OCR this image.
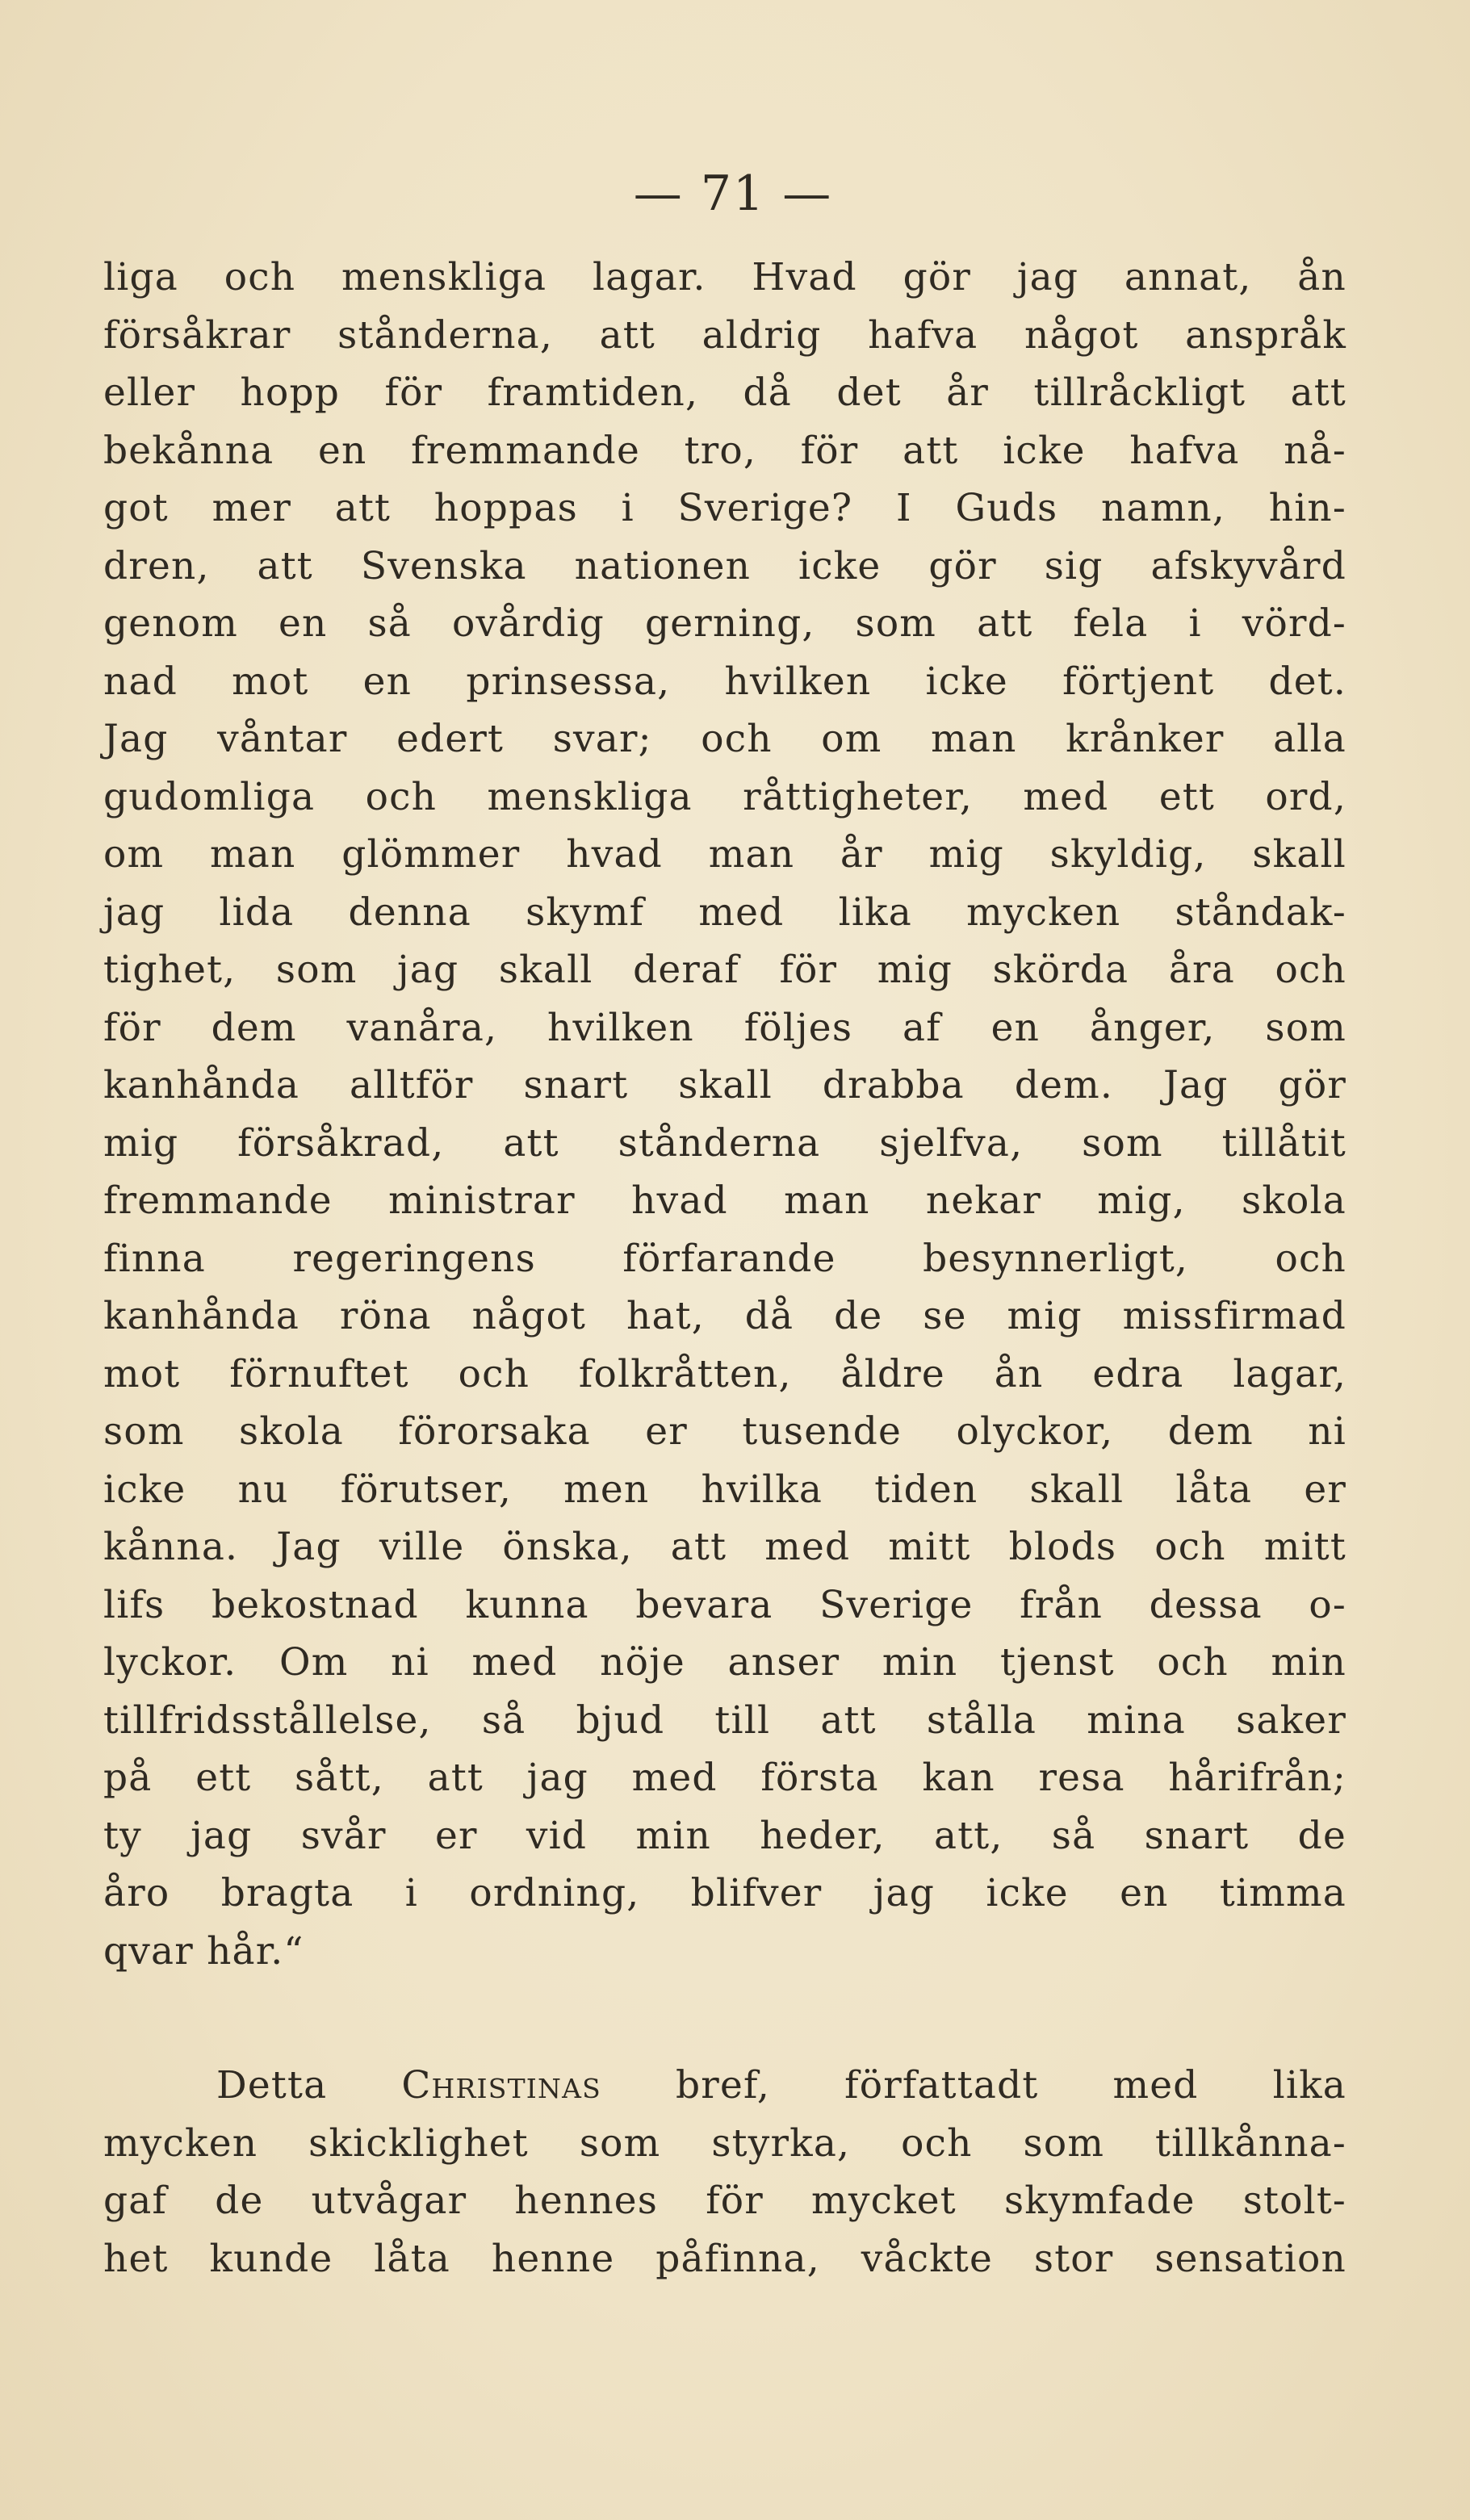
— 71 —
liga och menskliga lagar. Hvad gör jag annat, ån
försåkrar stånderna, att aldrig hafva något anspråk
eller hopp för framtiden, då det år tillråckligt att
bekånna en fremmande tro, för att icke hafva nå-
got mer att hoppas i Sverige? I Guds namn, hin-
dren, att Svenska nationen icke gör sig afskyvård
genom en så ovårdig gerning, som att fela i vörd-
nad mot en prinsessa, hvilken icke förtjent det.
Jag våntar edert svar; och om man krånker alla
gudomliga och menskliga råttigheter, med ett ord,
om man glömmer hvad man år mig skyldig, skall
jag lida denna skymf med lika mycken ståndak-
tighet, som jag skall deraf för mig skörda åra och
för dem vanåra, hvilken följes af en ånger, som
kanhånda alltför snart skall drabba dem. Jag gör
mig försåkrad, att stånderna sjelfva, som tillåtit
fremmande ministrar hvad man nekar mig, skola
finna regeringens förfarande besynnerligt, och
kanhånda röna något hat, då de se mig missfirmad
mot förnuftet och folkråtten, åldre ån edra lagar,
som skola förorsaka er tusende olyckor, dem ni
icke nu förutser, men hvilka tiden skall låta er
kånna. Jag ville önska, att med mitt blods och mitt
lifs bekostnad kunna bevara Sverige från dessa o-
lyckor. Om ni med nöje anser min tjenst och min
tillfridsstållelse, så bjud till att stålla mina saker
på ett sått, att jag med första kan resa hårifrån;
ty jag svår er vid min heder, att, så snart de
åro bragta i ordning, blifver jag icke en timma
qvar hår.“
Detta Christinas bref, författadt med lika
mycken skicklighet som styrka, och som tillkånna-
gaf de utvågar hennes för mycket skymfade stolt-
het kunde låta henne påfinna, våckte stor sensation
